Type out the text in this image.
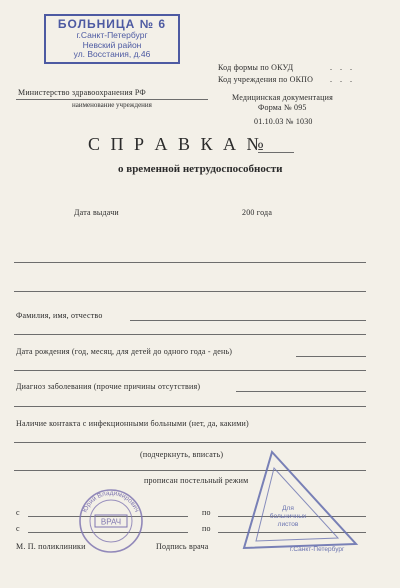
БОЛЬНИЦА № 6
г.Санкт-Петербург
Невский район
ул. Восстания, д.46
Код формы по ОКУД	. . .
Код учреждения по ОКПО . . .
Министерство здравоохранения РФ
наименование учреждения
Медицинская документация
Форма № 095
01.10.03 № 1030
С П Р А В К А №
о временной нетрудоспособности
Дата выдачи	200 года
Фамилия, имя, отчество
Дата рождения (год, месяц, для детей до одного года - день)
Диагноз заболевания (прочие причины отсутствия)
Наличие контакта с инфекционными больными (нет, да, какими)
(подчеркнуть, вписать)
прописан постельный режим
с	по
с	по
М. П. поликлиники	Подпись врача
Юрий Владимирович
ВРАЧ
г.Санкт-Петербург
Для
больничных
листов
